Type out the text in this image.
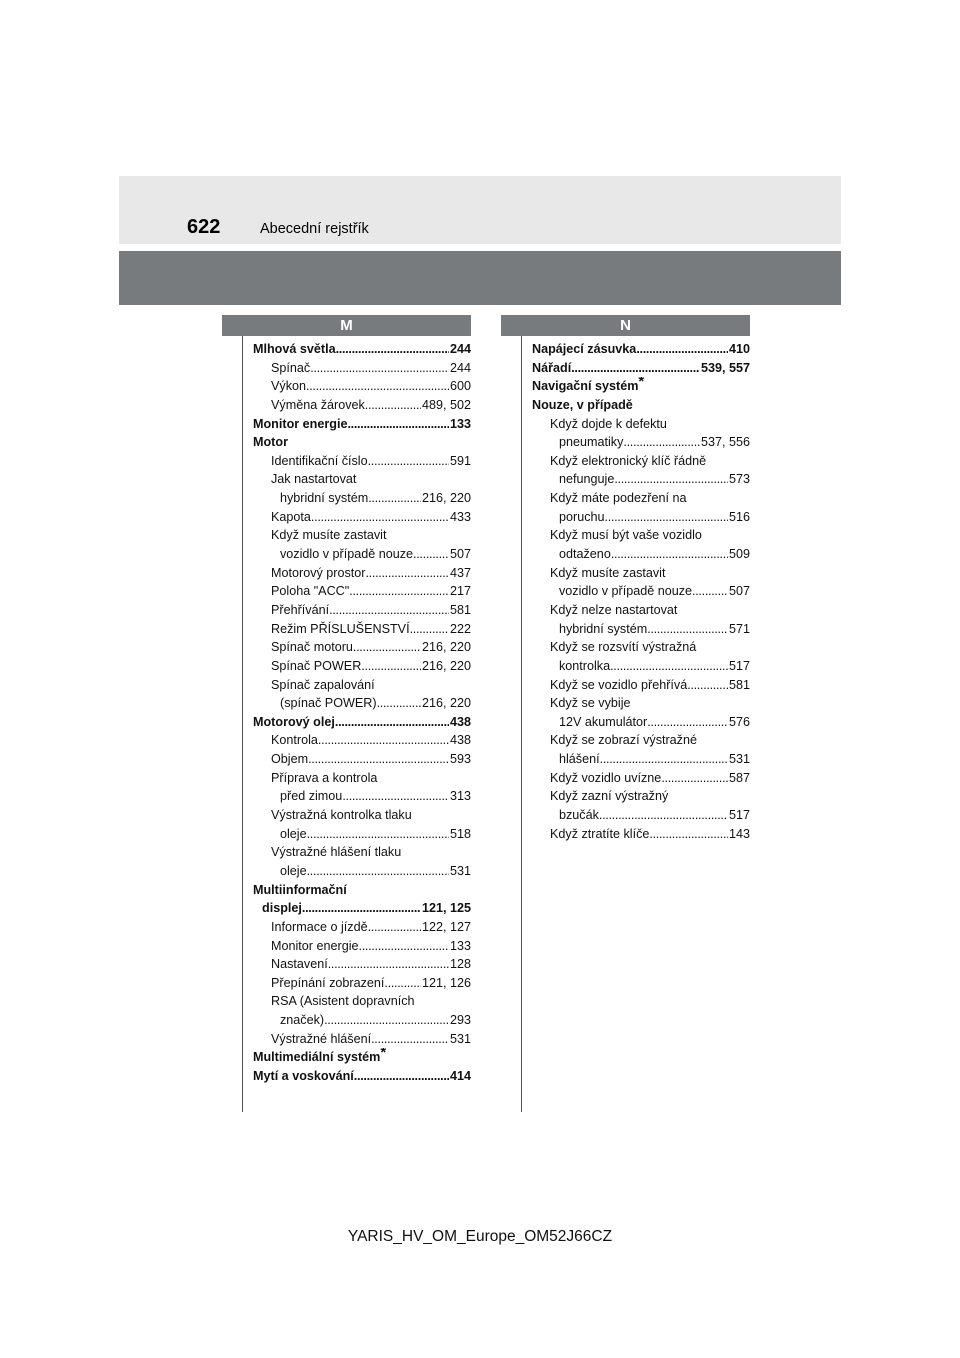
622	Abecední rejstřík
M	N
Mlhová světla . . .	244
Spínač . . .	244
Výkon . . .	600
Výměna žárovek . . .	489, 502
Monitor energie . . .	133
Motor
Identifikační číslo . . .	591
Jak nastartovat
hybridní systém . . .	216, 220
Kapota . . .	433
Když musíte zastavit
vozidlo v případě nouze . . .	507
Motorový prostor . . .	437
Poloha "ACC" . . .	217
Přehřívání . . .	581
Režim PŘÍSLUŠENSTVÍ . . .	222
Spínač motoru . . .	216, 220
Spínač POWER . . .	216, 220
Spínač zapalování
(spínač POWER) . . .	216, 220
Motorový olej . . .	438
Kontrola . . .	438
Objem . . .	593
Příprava a kontrola
před zimou . . .	313
Výstražná kontrolka tlaku
oleje . . .	518
Výstražné hlášení tlaku
oleje . . .	531
Multiinformační
displej . . .	121, 125
Informace o jízdě . . .	122, 127
Monitor energie . . .	133
Nastavení . . .	128
Přepínání zobrazení . . .	121, 126
RSA (Asistent dopravních
značek) . . .	293
Výstražné hlášení . . .	531
Multimediální systém*
Mytí a voskování . . .	414
Napájecí zásuvka . . .	410
Nářadí . . .	539, 557
Navigační systém*
Nouze, v případě
Když dojde k defektu
pneumatiky . . .	537, 556
Když elektronický klíč řádně
nefunguje . . .	573
Když máte podezření na
poruchu . . .	516
Když musí být vaše vozidlo
odtaženo . . .	509
Když musíte zastavit
vozidlo v případě nouze . . .	507
Když nelze nastartovat
hybridní systém . . .	571
Když se rozsvítí výstražná
kontrolka . . .	517
Když se vozidlo přehřívá . . .	581
Když se vybije
12V akumulátor . . .	576
Když se zobrazí výstražné
hlášení . . .	531
Když vozidlo uvízne . . .	587
Když zazní výstražný
bzučák . . .	517
Když ztratíte klíče . . .	143
YARIS_HV_OM_Europe_OM52J66CZ
